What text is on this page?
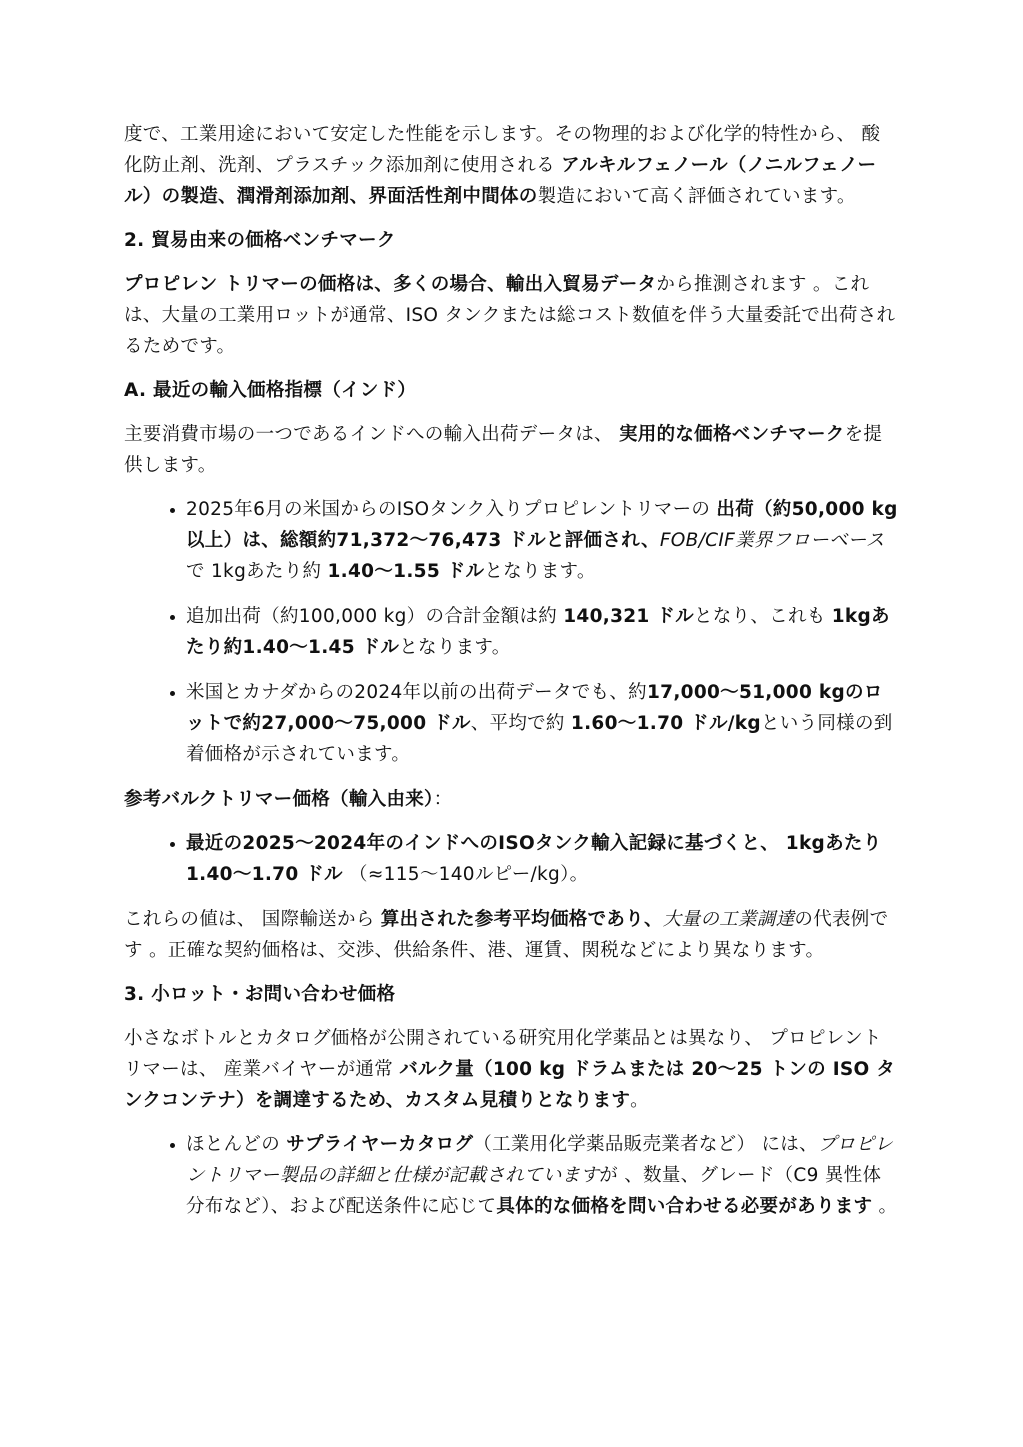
度で、工業用途において安定した性能を示します。その物理的および化学的特性から、 酸化防止剤、洗剤、プラスチック添加剤に使用される アルキルフェノール（ノニルフェノール）の製造、潤滑剤添加剤、界面活性剤中間体の製造において高く評価されています。

2. 貿易由来の価格ベンチマーク

プロピレン トリマーの価格は、多くの場合、輸出入貿易データから推測されます 。これは、大量の工業用ロットが通常、ISO タンクまたは総コスト数値を伴う大量委託で出荷されるためです。

A. 最近の輸入価格指標（インド）

主要消費市場の一つであるインドへの輸入出荷データは、 実用的な価格ベンチマークを提供します。

• 2025年6月の米国からのISOタンク入りプロピレントリマーの 出荷（約50,000 kg以上）は、総額約71,372〜76,473 ドルと評価され、FOB/CIF業界フローベースで 1kgあたり約 1.40〜1.55 ドルとなります。
• 追加出荷（約100,000 kg）の合計金額は約 140,321 ドルとなり、これも 1kgあたり約1.40〜1.45 ドルとなります。
• 米国とカナダからの2024年以前の出荷データでも、約17,000〜51,000 kgのロットで約27,000〜75,000 ドル、平均で約 1.60〜1.70 ドル/kgという同様の到着価格が示されています。

参考バルクトリマー価格（輸入由来）：

• 最近の2025〜2024年のインドへのISOタンク輸入記録に基づくと、 1kgあたり1.40〜1.70 ドル （≈115〜140ルピー/kg）。

これらの値は、 国際輸送から 算出された参考平均価格であり、大量の工業調達の代表例です 。正確な契約価格は、交渉、供給条件、港、運賃、関税などにより異なります。

3. 小ロット・お問い合わせ価格

小さなボトルとカタログ価格が公開されている研究用化学薬品とは異なり、 プロピレントリマーは、 産業バイヤーが通常 バルク量（100 kg ドラムまたは 20〜25 トンの ISO タンクコンテナ）を調達するため、カスタム見積りとなります。

• ほとんどの サプライヤーカタログ（工業用化学薬品販売業者など） には、プロピレントリマー製品の詳細と仕様が記載されていますが 、数量、グレード（C9 異性体分布など）、および配送条件に応じて具体的な価格を問い合わせる必要があります 。
